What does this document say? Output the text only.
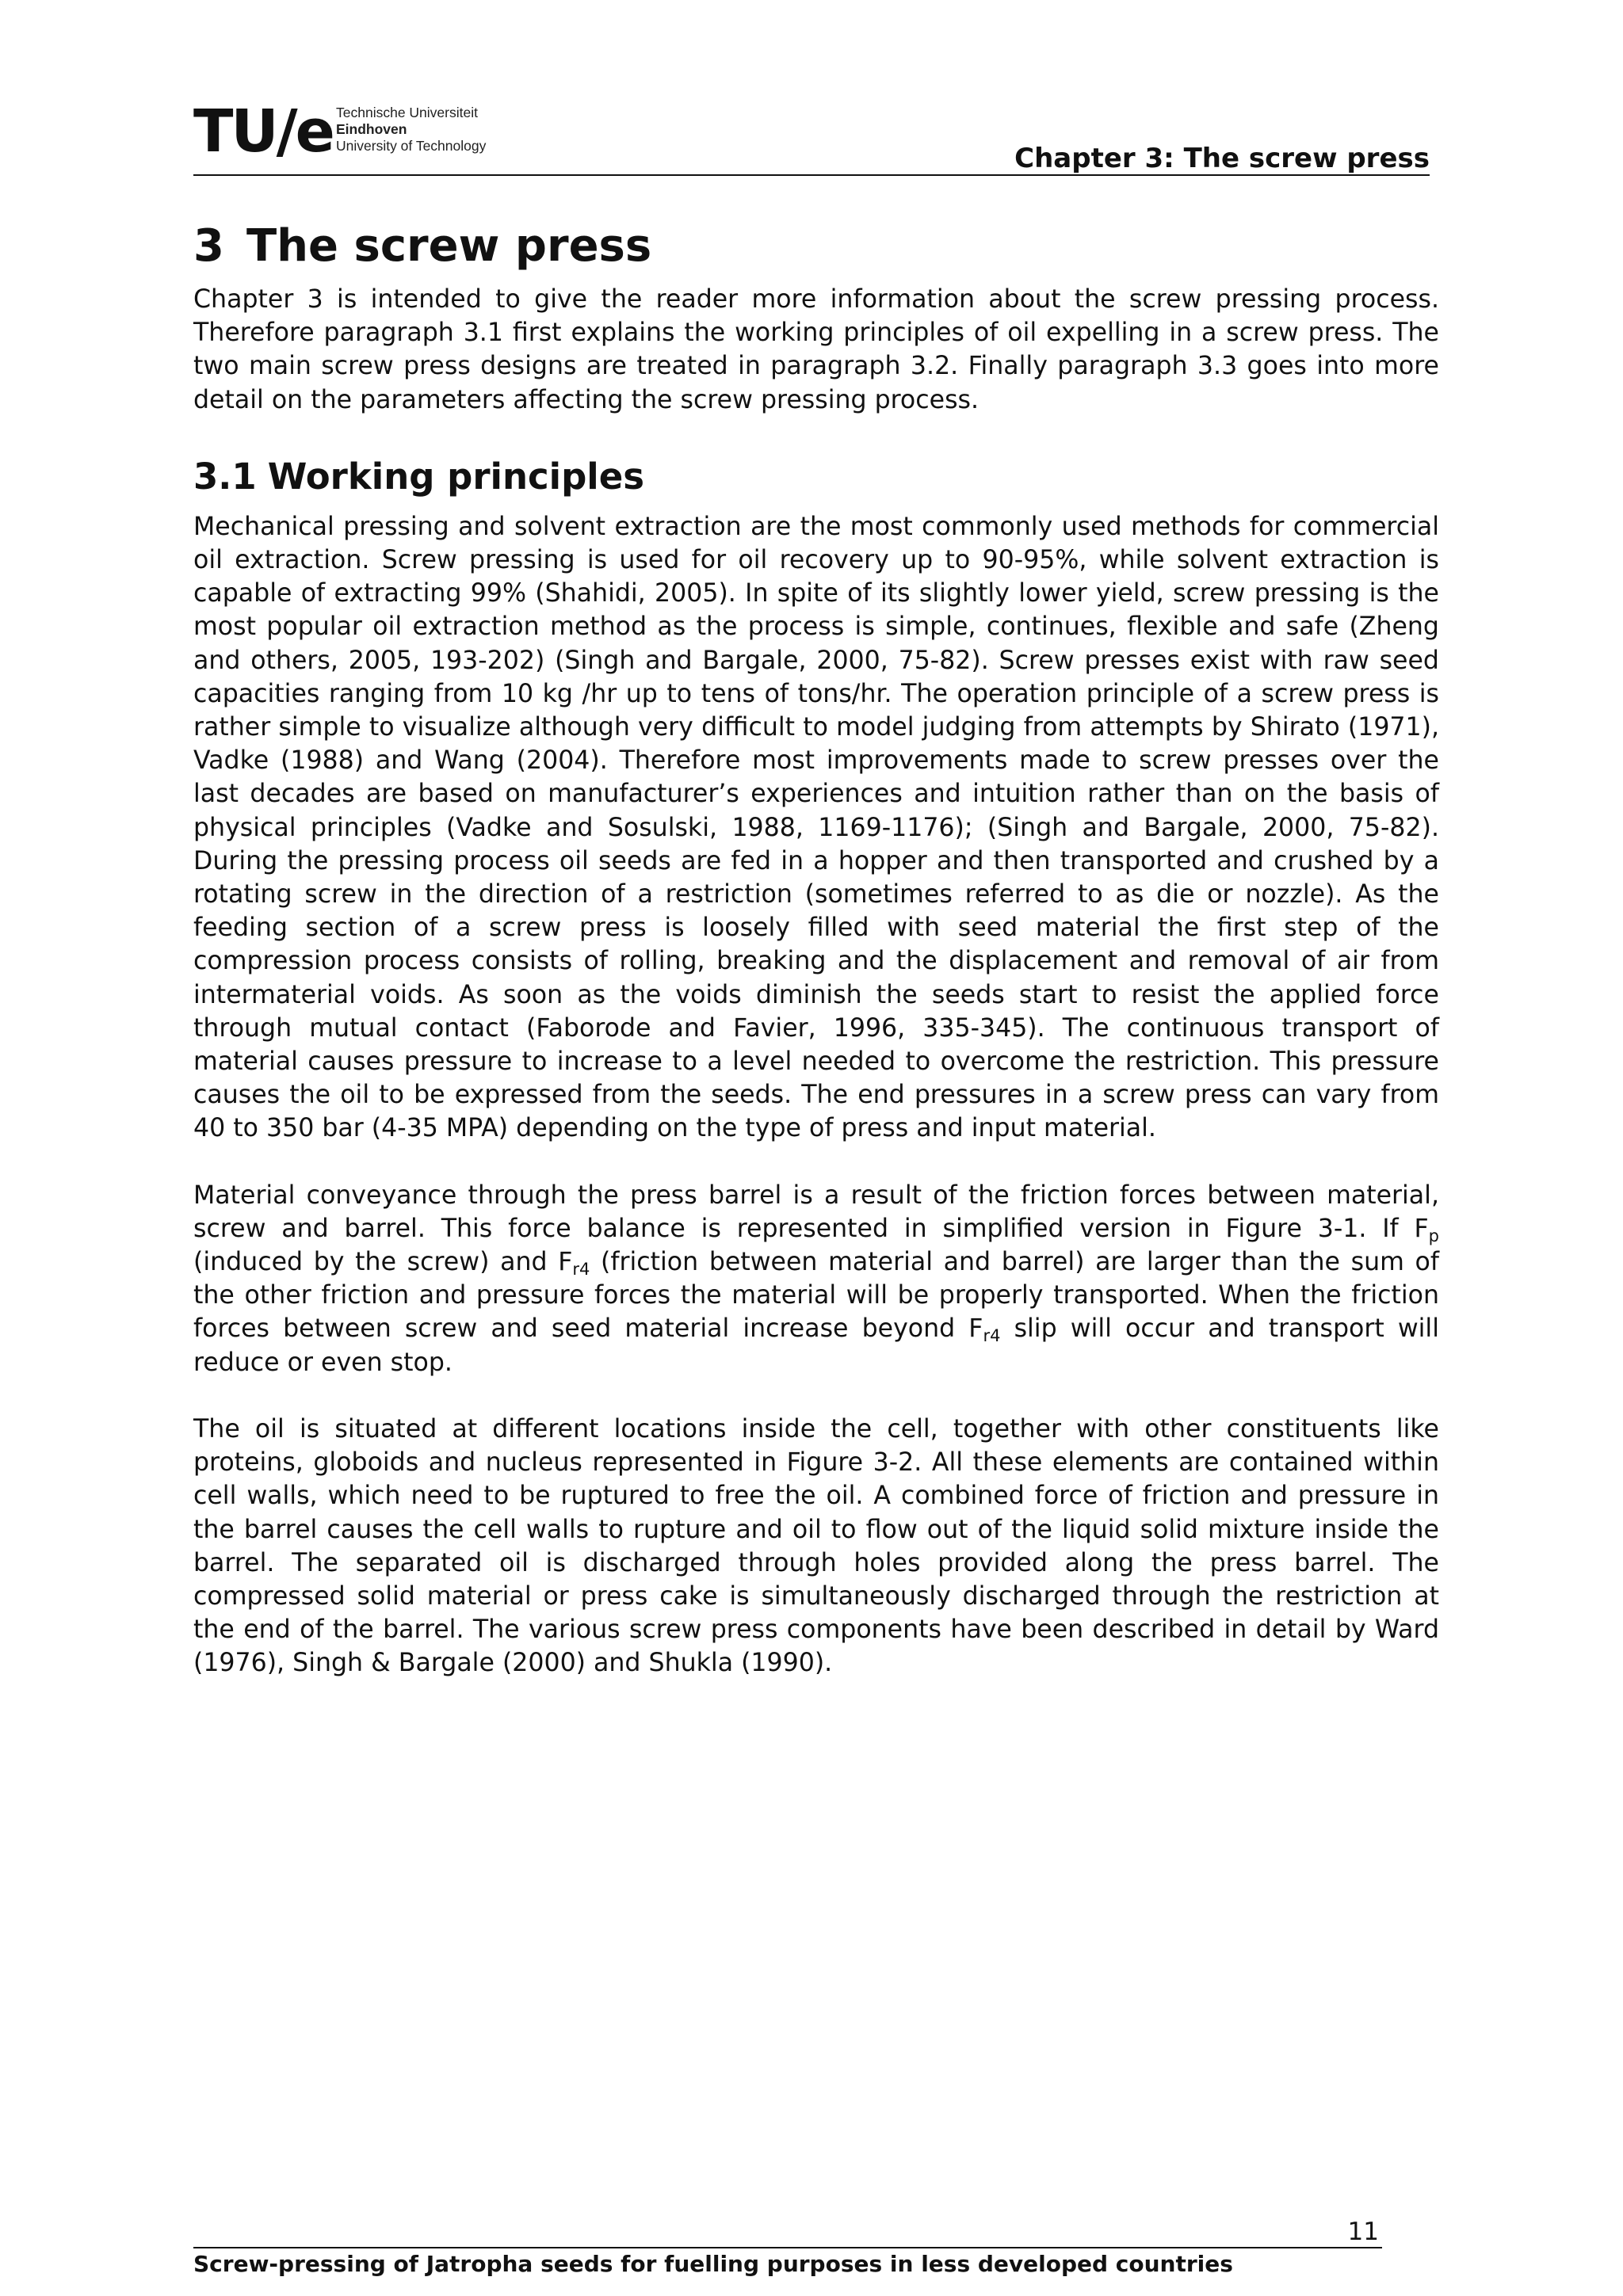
TU/e Technische Universiteit
Eindhoven
University of Technology	Chapter 3: The screw press
3 The screw press

Chapter 3 is intended to give the reader more information about the screw pressing process. Therefore paragraph 3.1 first explains the working principles of oil expelling in a screw press. The two main screw press designs are treated in paragraph 3.2. Finally paragraph 3.3 goes into more detail on the parameters affecting the screw pressing process.

3.1 Working principles

Mechanical pressing and solvent extraction are the most commonly used methods for commercial oil extraction. Screw pressing is used for oil recovery up to 90-95%, while solvent extraction is capable of extracting 99% (Shahidi, 2005). In spite of its slightly lower yield, screw pressing is the most popular oil extraction method as the process is simple, continues, flexible and safe (Zheng and others, 2005, 193-202) (Singh and Bargale, 2000, 75-82). Screw presses exist with raw seed capacities ranging from 10 kg /hr up to tens of tons/hr. The operation principle of a screw press is rather simple to visualize although very difficult to model judging from attempts by Shirato (1971), Vadke (1988) and Wang (2004). Therefore most improvements made to screw presses over the last decades are based on manufacturer’s experiences and intuition rather than on the basis of physical principles (Vadke and Sosulski, 1988, 1169-1176); (Singh and Bargale, 2000, 75-82). During the pressing process oil seeds are fed in a hopper and then transported and crushed by a rotating screw in the direction of a restriction (sometimes referred to as die or nozzle). As the feeding section of a screw press is loosely filled with seed material the first step of the compression process consists of rolling, breaking and the displacement and removal of air from intermaterial voids. As soon as the voids diminish the seeds start to resist the applied force through mutual contact (Faborode and Favier, 1996, 335-345). The continuous transport of material causes pressure to increase to a level needed to overcome the restriction. This pressure causes the oil to be expressed from the seeds. The end pressures in a screw press can vary from 40 to 350 bar (4-35 MPA) depending on the type of press and input material.

Material conveyance through the press barrel is a result of the friction forces between material, screw and barrel. This force balance is represented in simplified version in Figure 3-1. If $F_p$ (induced by the screw) and $F_{r4}$ (friction between material and barrel) are larger than the sum of the other friction and pressure forces the material will be properly transported. When the friction forces between screw and seed material increase beyond $F_{r4}$ slip will occur and transport will reduce or even stop.

The oil is situated at different locations inside the cell, together with other constituents like proteins, globoids and nucleus represented in Figure 3-2. All these elements are contained within cell walls, which need to be ruptured to free the oil. A combined force of friction and pressure in the barrel causes the cell walls to rupture and oil to flow out of the liquid solid mixture inside the barrel. The separated oil is discharged through holes provided along the press barrel. The compressed solid material or press cake is simultaneously discharged through the restriction at the end of the barrel. The various screw press components have been described in detail by Ward (1976), Singh & Bargale (2000) and Shukla (1990).

11
Screw-pressing of Jatropha seeds for fuelling purposes in less developed countries
